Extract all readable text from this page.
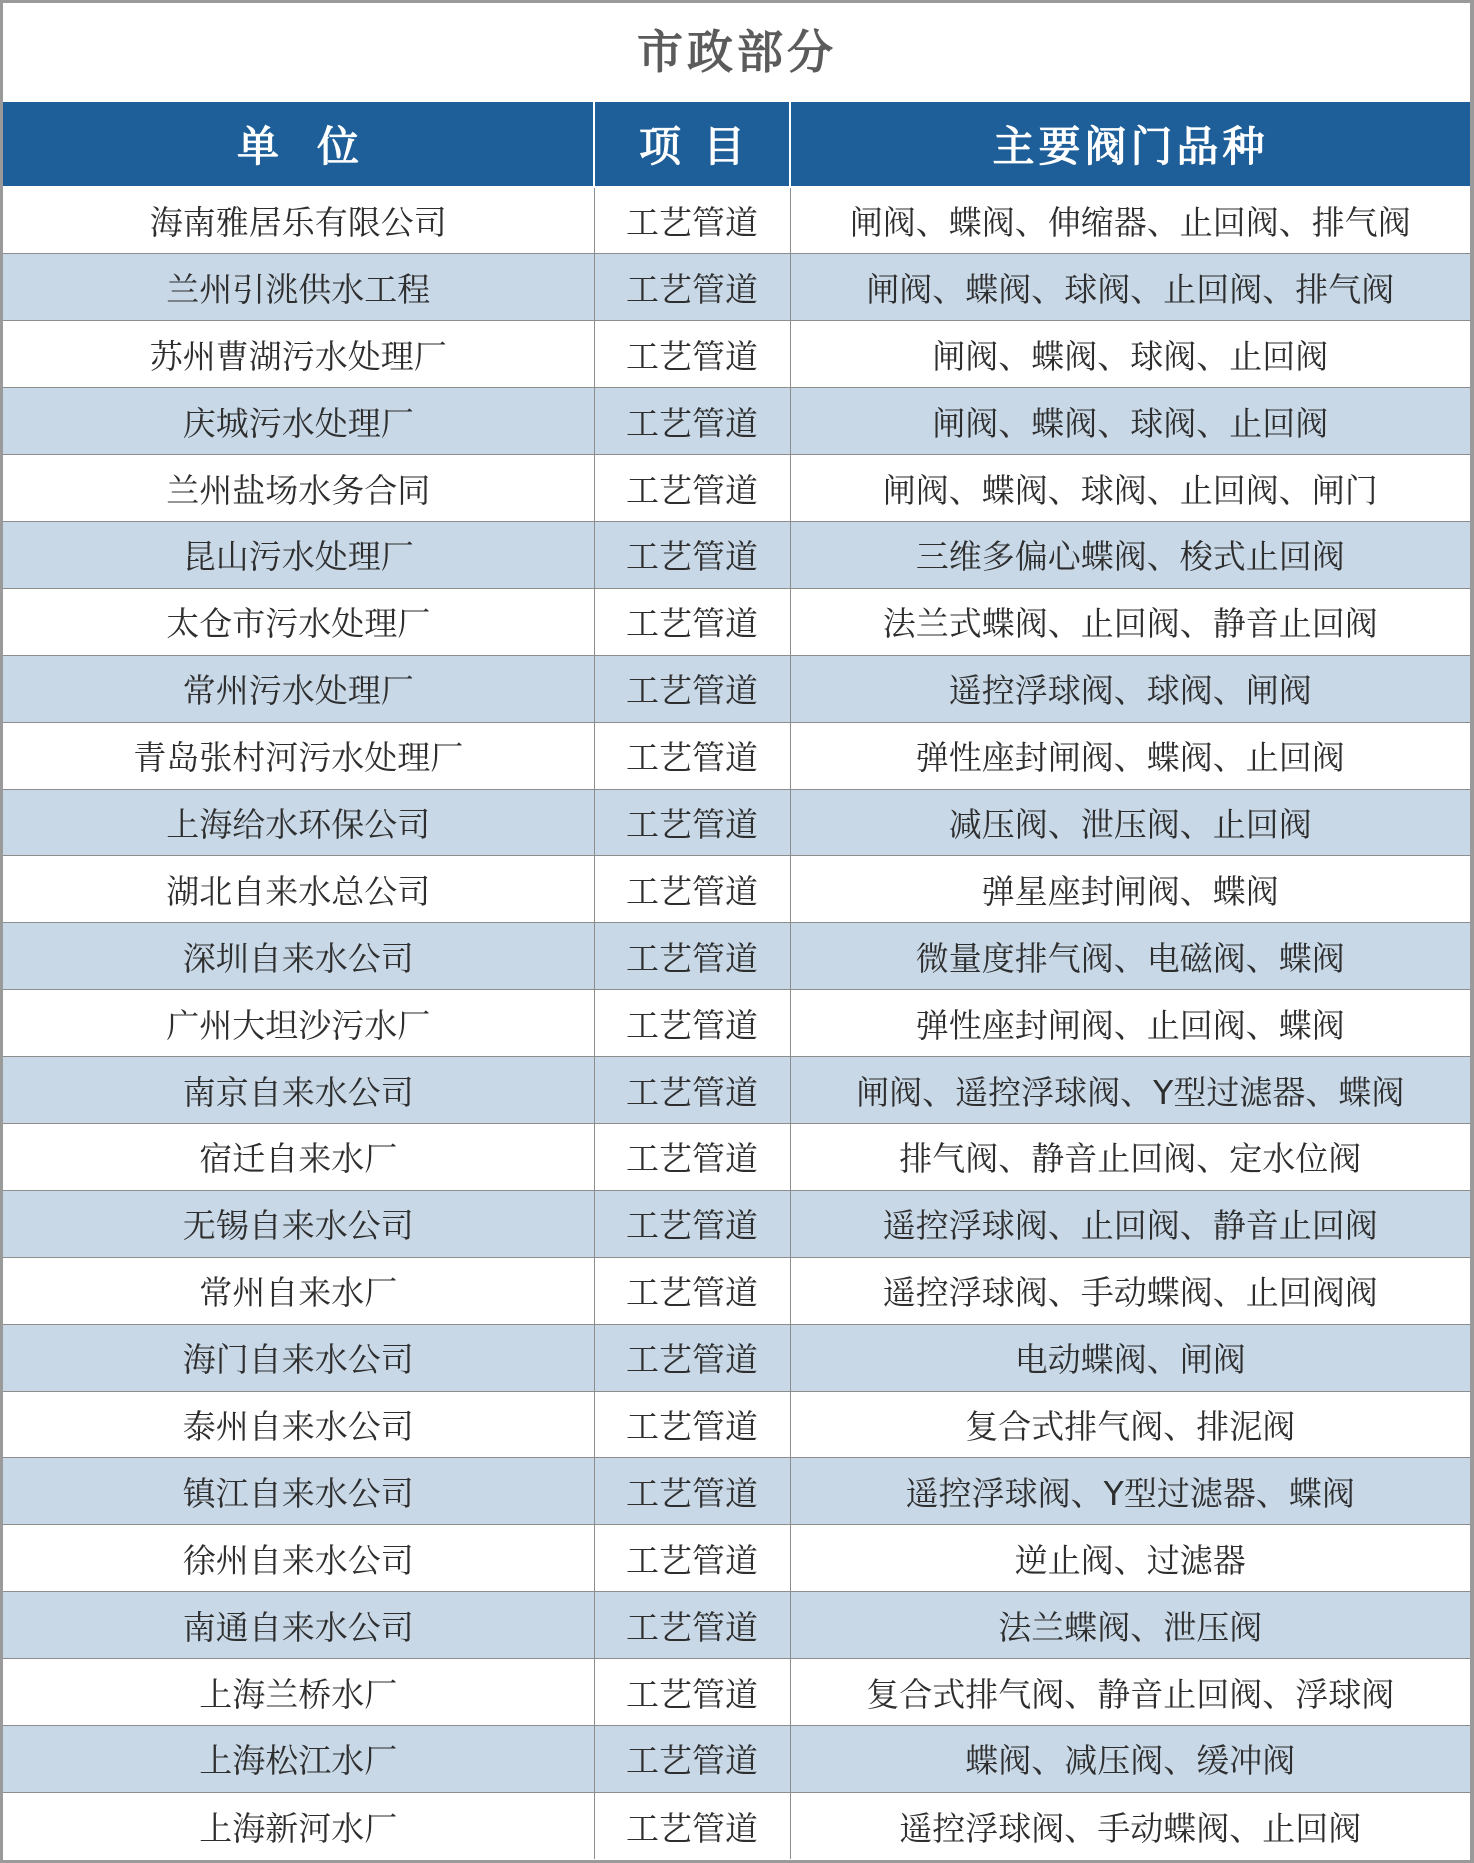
市政部分
单位	项目	主要阀门品种
海南雅居乐有限公司	工艺管道	闸阀、蝶阀、伸缩器、止回阀、排气阀
兰州引洮供水工程	工艺管道	闸阀、蝶阀、球阀、止回阀、排气阀
苏州曹湖污水处理厂	工艺管道	闸阀、蝶阀、球阀、止回阀
庆城污水处理厂	工艺管道	闸阀、蝶阀、球阀、止回阀
兰州盐场水务合同	工艺管道	闸阀、蝶阀、球阀、止回阀、闸门
昆山污水处理厂	工艺管道	三维多偏心蝶阀、梭式止回阀
太仓市污水处理厂	工艺管道	法兰式蝶阀、止回阀、静音止回阀
常州污水处理厂	工艺管道	遥控浮球阀、球阀、闸阀
青岛张村河污水处理厂	工艺管道	弹性座封闸阀、蝶阀、止回阀
上海给水环保公司	工艺管道	减压阀、泄压阀、止回阀
湖北自来水总公司	工艺管道	弹星座封闸阀、蝶阀
深圳自来水公司	工艺管道	微量度排气阀、电磁阀、蝶阀
广州大坦沙污水厂	工艺管道	弹性座封闸阀、止回阀、蝶阀
南京自来水公司	工艺管道	闸阀、遥控浮球阀、Y型过滤器、蝶阀
宿迁自来水厂	工艺管道	排气阀、静音止回阀、定水位阀
无锡自来水公司	工艺管道	遥控浮球阀、止回阀、静音止回阀
常州自来水厂	工艺管道	遥控浮球阀、手动蝶阀、止回阀阀
海门自来水公司	工艺管道	电动蝶阀、闸阀
泰州自来水公司	工艺管道	复合式排气阀、排泥阀
镇江自来水公司	工艺管道	遥控浮球阀、Y型过滤器、蝶阀
徐州自来水公司	工艺管道	逆止阀、过滤器
南通自来水公司	工艺管道	法兰蝶阀、泄压阀
上海兰桥水厂	工艺管道	复合式排气阀、静音止回阀、浮球阀
上海松江水厂	工艺管道	蝶阀、减压阀、缓冲阀
上海新河水厂	工艺管道	遥控浮球阀、手动蝶阀、止回阀
